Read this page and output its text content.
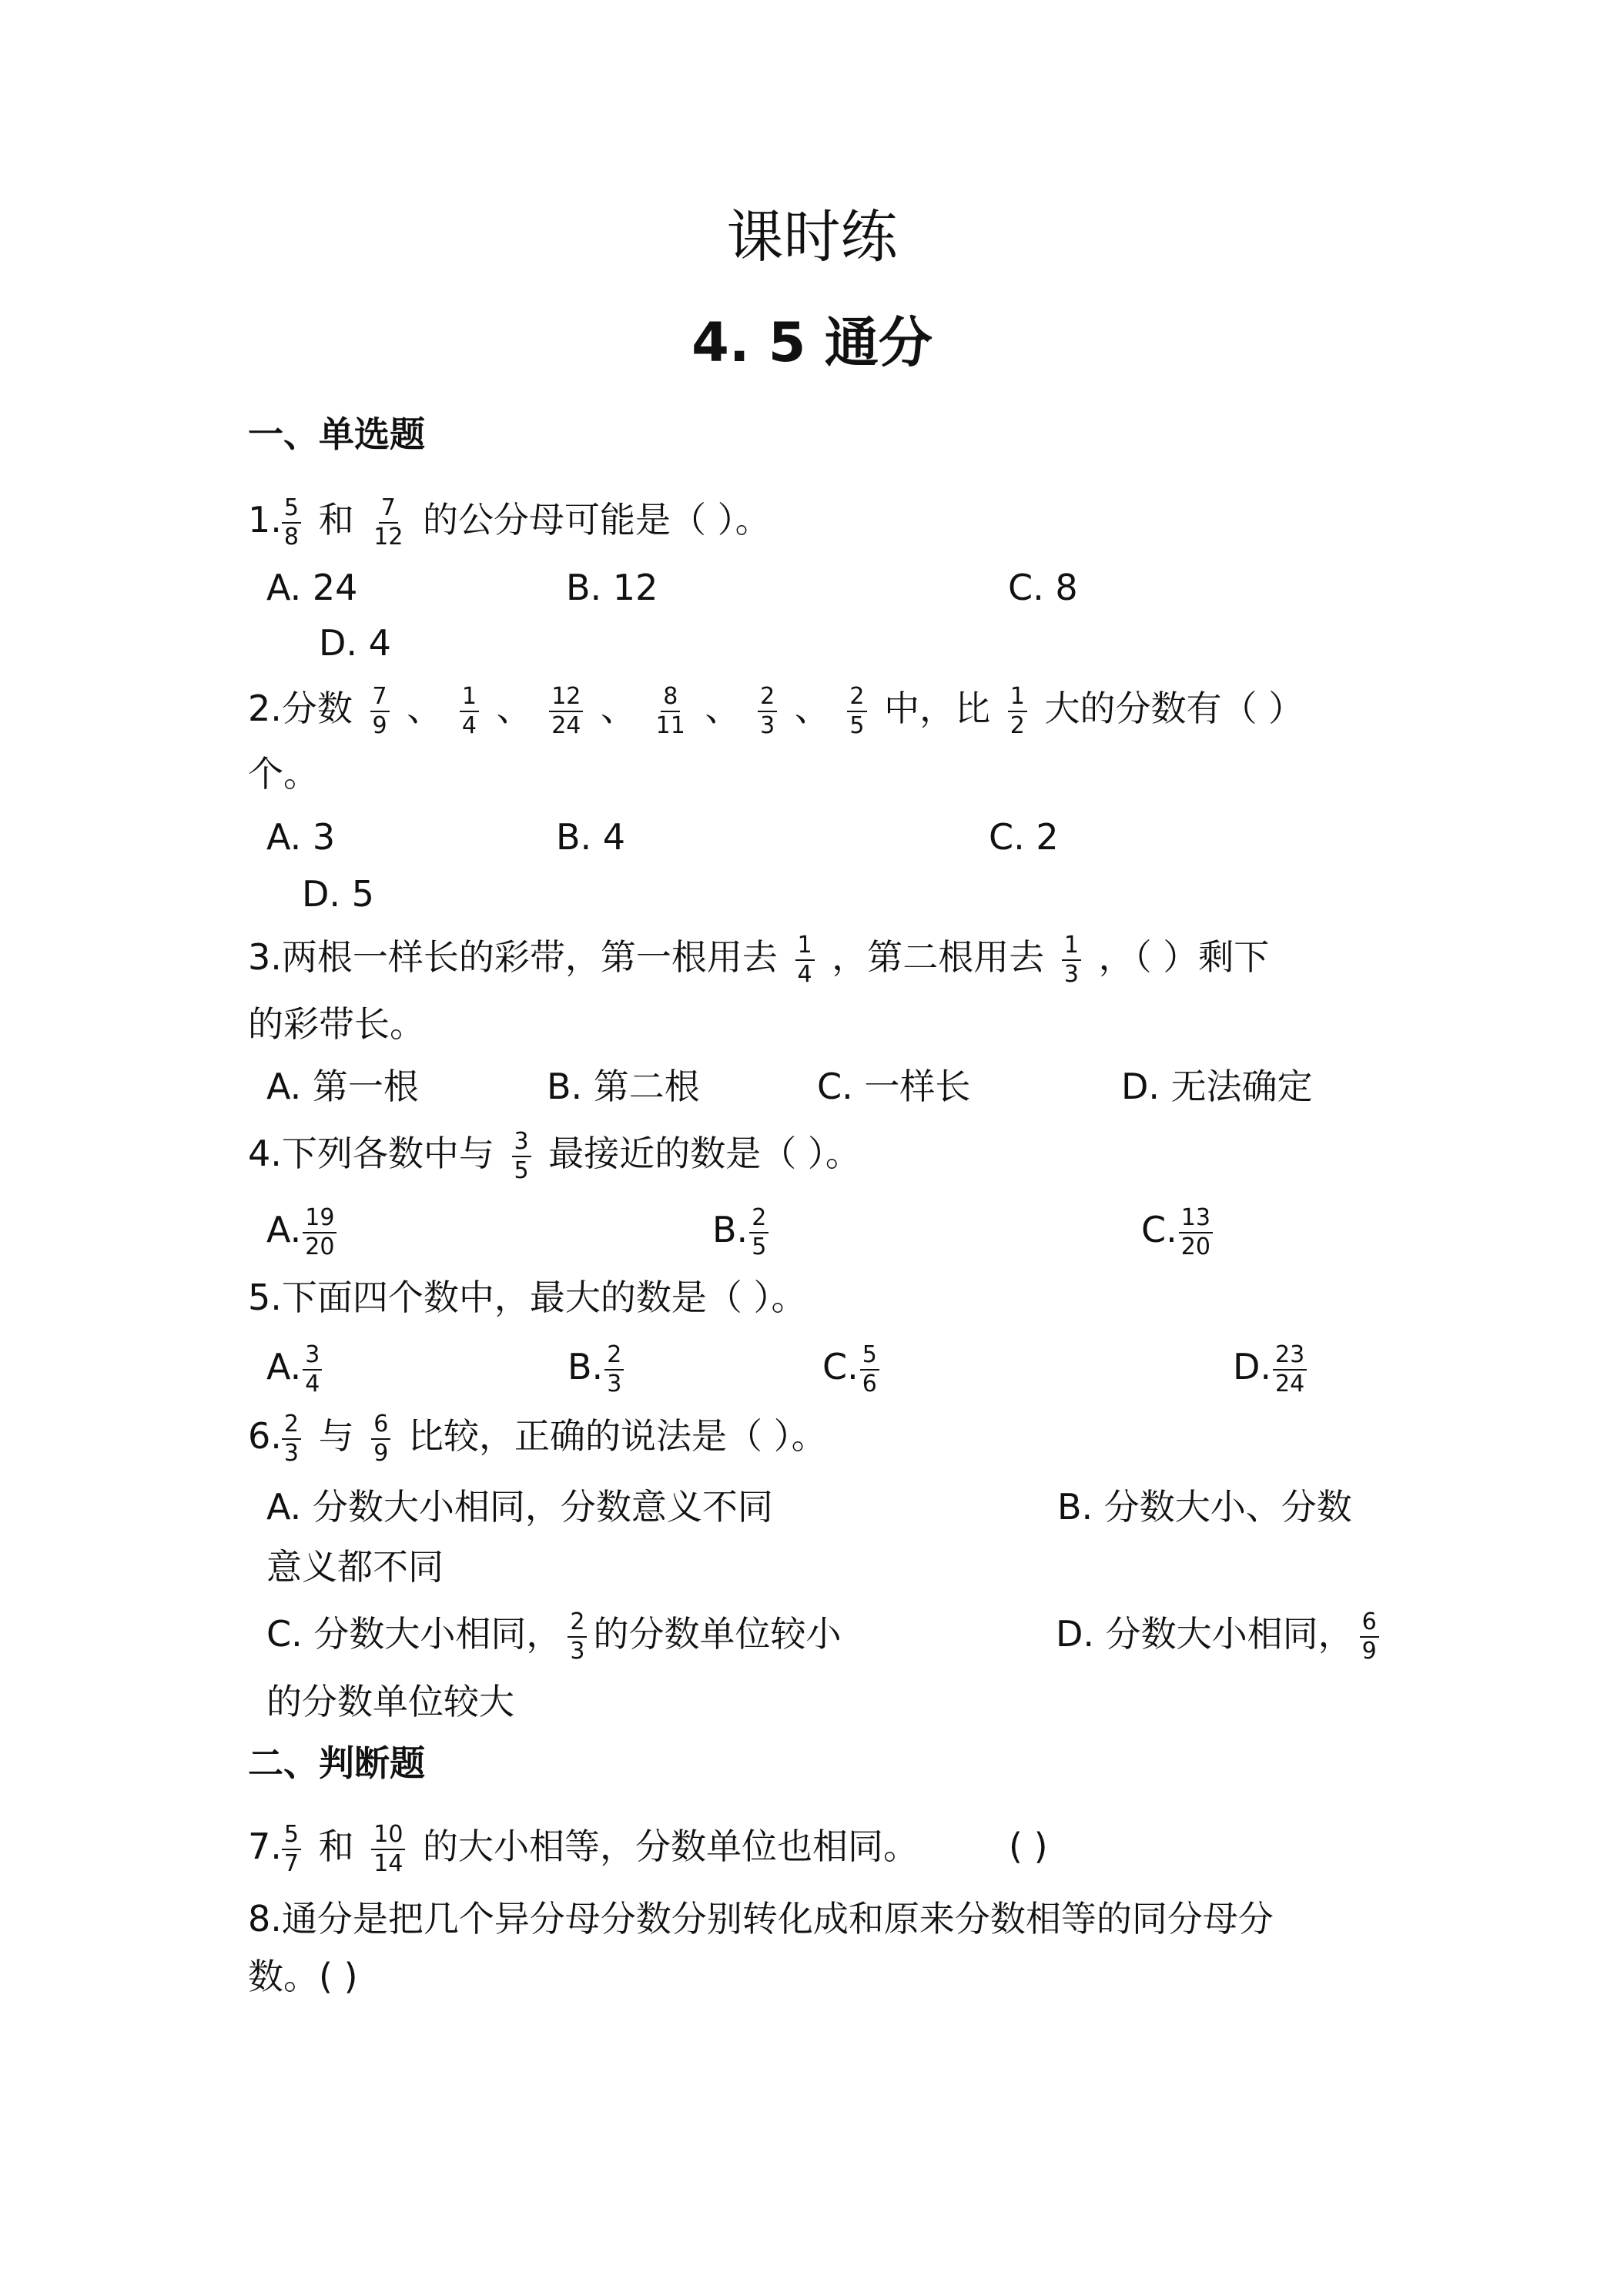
课时练
4. 5 通分
一、单选题
1. $\frac{5}{8}$ 和 $\frac{7}{12}$ 的公分母可能是（ ）。
A. 24	B. 12	C. 8
D. 4
2.分数 $\frac{7}{9}$ 、 $\frac{1}{4}$ 、 $\frac{12}{24}$ 、 $\frac{8}{11}$ 、 $\frac{2}{3}$ 、 $\frac{2}{5}$ 中，比 $\frac{1}{2}$ 大的分数有（ ）
个。
A. 3	B. 4	C. 2
D. 5
3.两根一样长的彩带，第一根用去 $\frac{1}{4}$ ，第二根用去 $\frac{1}{3}$ ，（ ）剩下
的彩带长。
A. 第一根	B. 第二根	C. 一样长	D. 无法确定
4.下列各数中与 $\frac{3}{5}$ 最接近的数是（ ）。
A. $\frac{19}{20}$	B. $\frac{2}{5}$	C. $\frac{13}{20}$
5.下面四个数中，最大的数是（ ）。
A. $\frac{3}{4}$	B. $\frac{2}{3}$	C. $\frac{5}{6}$	D. $\frac{23}{24}$
6. $\frac{2}{3}$ 与 $\frac{6}{9}$ 比较，正确的说法是（ ）。
A. 分数大小相同，分数意义不同	B. 分数大小、分数
意义都不同
C. 分数大小相同， $\frac{2}{3}$ 的分数单位较小	D. 分数大小相同， $\frac{6}{9}$
的分数单位较大
二、判断题
7. $\frac{5}{7}$ 和 $\frac{10}{14}$ 的大小相等，分数单位也相同。	( )
8.通分是把几个异分母分数分别转化成和原来分数相等的同分母分
数。( )
